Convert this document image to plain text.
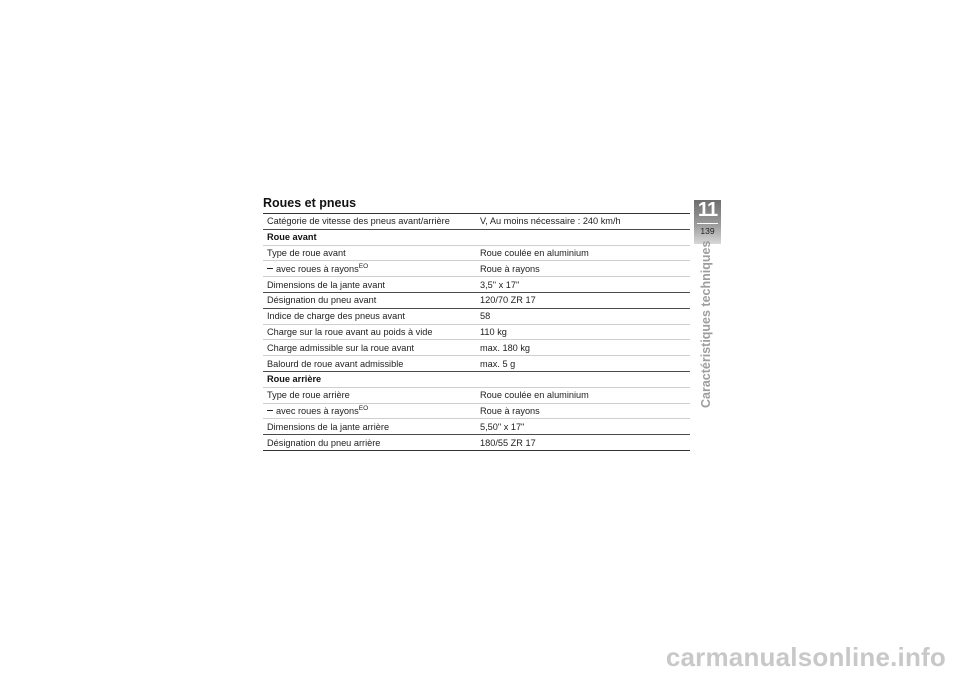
Roues et pneus
Catégorie de vitesse des pneus avant/arrière	V, Au moins nécessaire : 240 km/h
Roue avant	
Type de roue avant	Roue coulée en aluminium
avec roues à rayons$^{EO}$	Roue à rayons
Dimensions de la jante avant	3,5" x 17"
Désignation du pneu avant	120/70 ZR 17
Indice de charge des pneus avant	58
Charge sur la roue avant au poids à vide	110 kg
Charge admissible sur la roue avant	max. 180 kg
Balourd de roue avant admissible	max. 5 g
Roue arrière	
Type de roue arrière	Roue coulée en aluminium
avec roues à rayons$^{EO}$	Roue à rayons
Dimensions de la jante arrière	5,50" x 17"
Désignation du pneu arrière	180/55 ZR 17
11
139
Caractéristiques techniques
carmanualsonline.info
